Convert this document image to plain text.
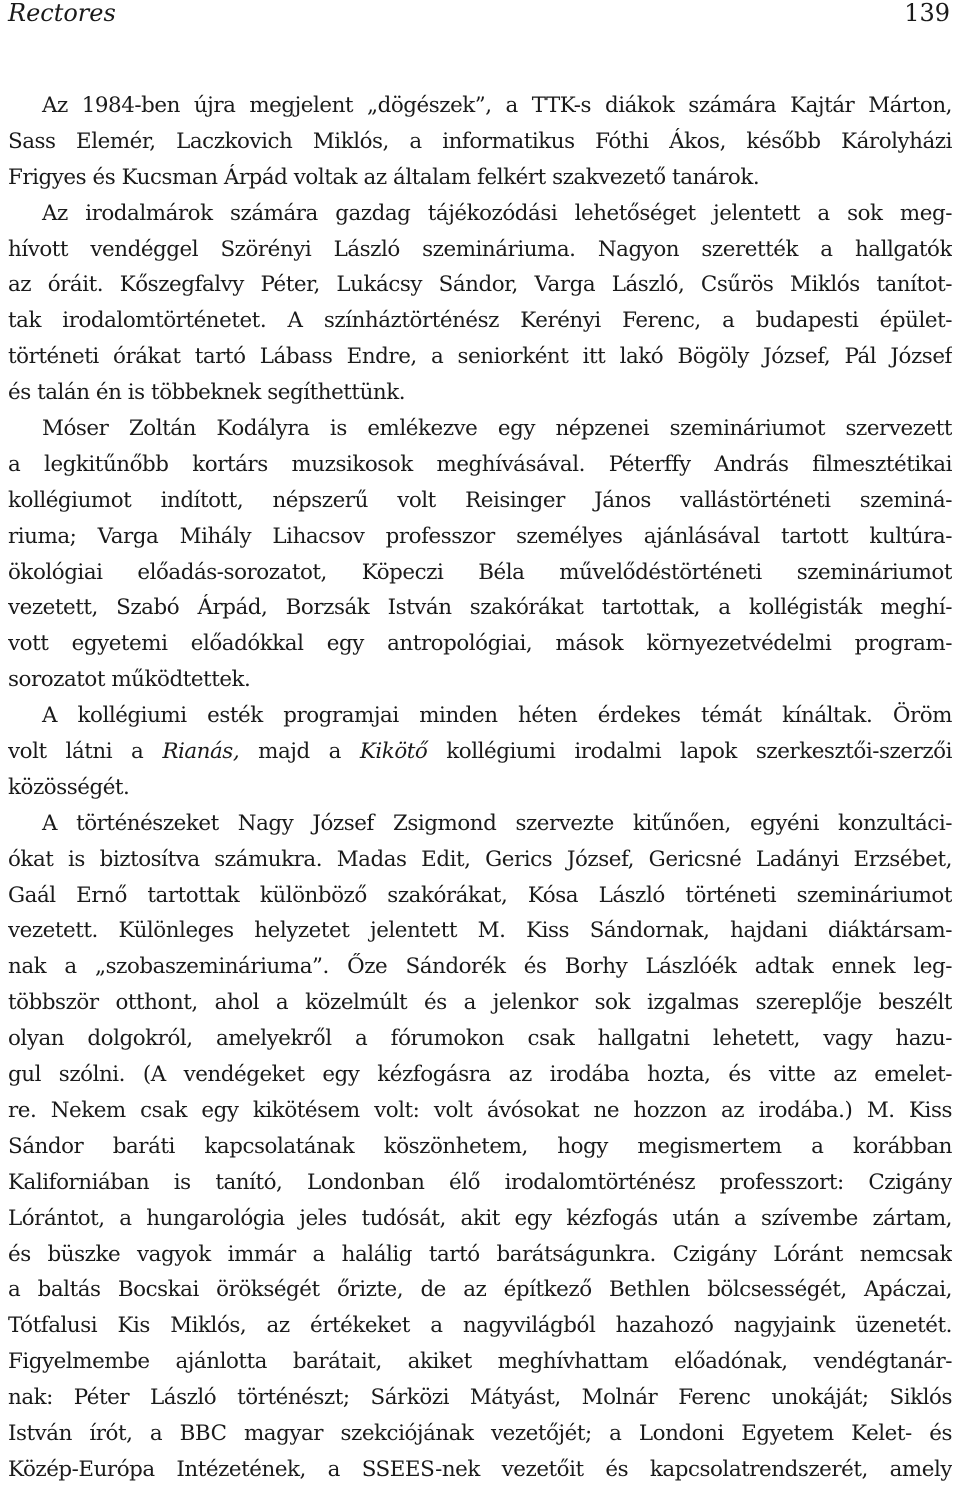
Rectores	139
Az 1984-ben újra megjelent „dögészek”, a TTK-s diákok számára Kajtár Márton,
Sass Elemér, Laczkovich Miklós, a informatikus Fóthi Ákos, később Károlyházi
Frigyes és Kucsman Árpád voltak az általam felkért szakvezető tanárok.
Az irodalmárok számára gazdag tájékozódási lehetőséget jelentett a sok meg-
hívott vendéggel Szörényi László szemináriuma. Nagyon szerették a hallgatók
az óráit. Kőszegfalvy Péter, Lukácsy Sándor, Varga László, Csűrös Miklós tanítot-
tak irodalomtörténetet. A színháztörténész Kerényi Ferenc, a budapesti épület-
történeti órákat tartó Lábass Endre, a seniorként itt lakó Bögöly József, Pál József
és talán én is többeknek segíthettünk.
Móser Zoltán Kodályra is emlékezve egy népzenei szemináriumot szervezett
a legkitűnőbb kortárs muzsikosok meghívásával. Péterffy András filmesztétikai
kollégiumot indított, népszerű volt Reisinger János vallástörténeti szeminá-
riuma; Varga Mihály Lihacsov professzor személyes ajánlásával tartott kultúra-
ökológiai előadás-sorozatot, Köpeczi Béla művelődéstörténeti szemináriumot
vezetett, Szabó Árpád, Borzsák István szakórákat tartottak, a kollégisták meghí-
vott egyetemi előadókkal egy antropológiai, mások környezetvédelmi program-
sorozatot működtettek.
A kollégiumi esték programjai minden héten érdekes témát kínáltak. Öröm
volt látni a Rianás, majd a Kikötő kollégiumi irodalmi lapok szerkesztői-szerzői
közösségét.
A történészeket Nagy József Zsigmond szervezte kitűnően, egyéni konzultáci-
ókat is biztosítva számukra. Madas Edit, Gerics József, Gericsné Ladányi Erzsébet,
Gaál Ernő tartottak különböző szakórákat, Kósa László történeti szemináriumot
vezetett. Különleges helyzetet jelentett M. Kiss Sándornak, hajdani diáktársam-
nak a „szobaszemináriuma”. Őze Sándorék és Borhy Lászlóék adtak ennek leg-
többször otthont, ahol a közelmúlt és a jelenkor sok izgalmas szereplője beszélt
olyan dolgokról, amelyekről a fórumokon csak hallgatni lehetett, vagy hazu-
gul szólni. (A vendégeket egy kézfogásra az irodába hozta, és vitte az emelet-
re. Nekem csak egy kikötésem volt: volt ávósokat ne hozzon az irodába.) M. Kiss
Sándor baráti kapcsolatának köszönhetem, hogy megismertem a korábban
Kaliforniában is tanító, Londonban élő irodalomtörténész professzort: Czigány
Lórántot, a hungarológia jeles tudósát, akit egy kézfogás után a szívembe zártam,
és büszke vagyok immár a halálig tartó barátságunkra. Czigány Lóránt nemcsak
a baltás Bocskai örökségét őrizte, de az építkező Bethlen bölcsességét, Apáczai,
Tótfalusi Kis Miklós, az értékeket a nagyvilágból hazahozó nagyjaink üzenetét.
Figyelmembe ajánlotta barátait, akiket meghívhattam előadónak, vendégtanár-
nak: Péter László történészt; Sárközi Mátyást, Molnár Ferenc unokáját; Siklós
István írót, a BBC magyar szekciójának vezetőjét; a Londoni Egyetem Kelet- és
Közép-Európa Intézetének, a SSEES-nek vezetőit és kapcsolatrendszerét, amely
